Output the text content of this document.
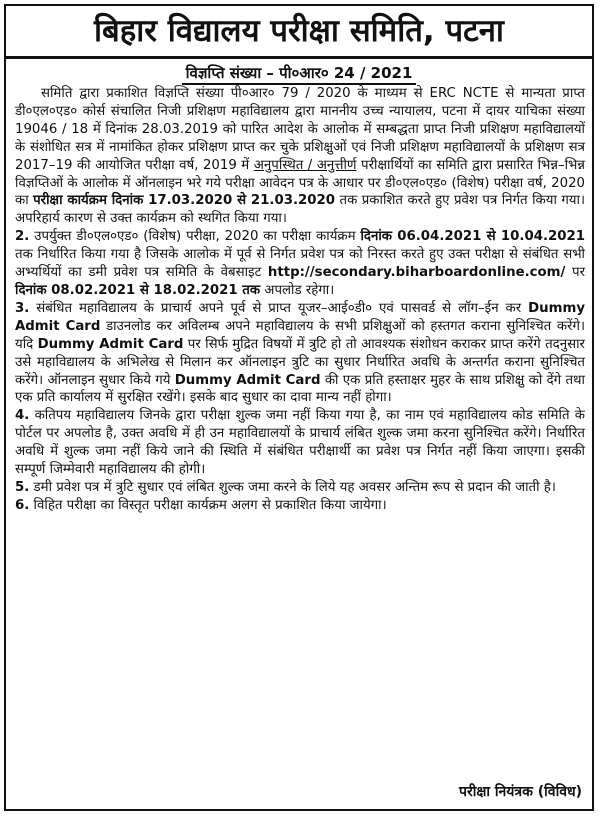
बिहार विद्यालय परीक्षा समिति, पटना
विज्ञप्ति संख्या – पी०आर० 24 / 2021

समिति द्वारा प्रकाशित विज्ञप्ति संख्या पी०आर० 79 / 2020 के माध्यम से ERC NCTE से मान्यता प्राप्त डी०एल०एड० कोर्स संचालित निजी प्रशिक्षण महाविद्यालय द्वारा माननीय उच्च न्यायालय, पटना में दायर याचिका संख्या 19046 / 18 में दिनांक 28.03.2019 को पारित आदेश के आलोक में सम्बद्धता प्राप्त निजी प्रशिक्षण महाविद्यालयों के संशोधित सत्र में नामांकित होकर प्रशिक्षण प्राप्त कर चुके प्रशिक्षुओं एवं निजी प्रशिक्षण महाविद्यालयों के प्रशिक्षण सत्र 2017–19 की आयोजित परीक्षा वर्ष, 2019 में अनुपस्थित / अनुत्तीर्ण परीक्षार्थियों का समिति द्वारा प्रसारित भिन्न–भिन्न विज्ञप्तिओं के आलोक में ऑनलाइन भरे गये परीक्षा आवेदन पत्र के आधार पर डी०एल०एड० (विशेष) परीक्षा वर्ष, 2020 का परीक्षा कार्यक्रम दिनांक 17.03.2020 से 21.03.2020 तक प्रकाशित करते हुए प्रवेश पत्र निर्गत किया गया। अपरिहार्य कारण से उक्त कार्यक्रम को स्थगित किया गया।

2. उपर्युक्त डी०एल०एड० (विशेष) परीक्षा, 2020 का परीक्षा कार्यक्रम दिनांक 06.04.2021 से 10.04.2021 तक निर्धारित किया गया है जिसके आलोक में पूर्व से निर्गत प्रवेश पत्र को निरस्त करते हुए उक्त परीक्षा से संबंधित सभी अभ्यर्थियों का डमी प्रवेश पत्र समिति के वेबसाइट http://secondary.biharboardonline.com/ पर दिनांक 08.02.2021 से 18.02.2021 तक अपलोड रहेगा।

3. संबंधित महाविद्यालय के प्राचार्य अपने पूर्व से प्राप्त यूजर–आई०डी० एवं पासवर्ड से लॉग–ईन कर Dummy Admit Card डाउनलोड कर अविलम्ब अपने महाविद्यालय के सभी प्रशिक्षुओं को हस्तगत कराना सुनिश्चित करेंगे। यदि Dummy Admit Card पर सिर्फ मुद्रित विषयों में त्रुटि हो तो आवश्यक संशोधन कराकर प्राप्त करेंगे तदनुसार उसे महाविद्यालय के अभिलेख से मिलान कर ऑनलाइन त्रुटि का सुधार निर्धारित अवधि के अन्तर्गत कराना सुनिश्चित करेंगे। ऑनलाइन सुधार किये गये Dummy Admit Card की एक प्रति हस्ताक्षर मुहर के साथ प्रशिक्षु को देंगे तथा एक प्रति कार्यालय में सुरक्षित रखेंगे। इसके बाद सुधार का दावा मान्य नहीं होगा।

4. कतिपय महाविद्यालय जिनके द्वारा परीक्षा शुल्क जमा नहीं किया गया है, का नाम एवं महाविद्यालय कोड समिति के पोर्टल पर अपलोड है, उक्त अवधि में ही उन महाविद्यालयों के प्राचार्य लंबित शुल्क जमा करना सुनिश्चित करेंगे। निर्धारित अवधि में शुल्क जमा नहीं किये जाने की स्थिति में संबंधित परीक्षार्थी का प्रवेश पत्र निर्गत नहीं किया जाएगा। इसकी सम्पूर्ण जिम्मेवारी महाविद्यालय की होगी।

5. डमी प्रवेश पत्र में त्रुटि सुधार एवं लंबित शुल्क जमा करने के लिये यह अवसर अन्तिम रूप से प्रदान की जाती है।

6. विहित परीक्षा का विस्तृत परीक्षा कार्यक्रम अलग से प्रकाशित किया जायेगा।

परीक्षा नियंत्रक (विविध)
